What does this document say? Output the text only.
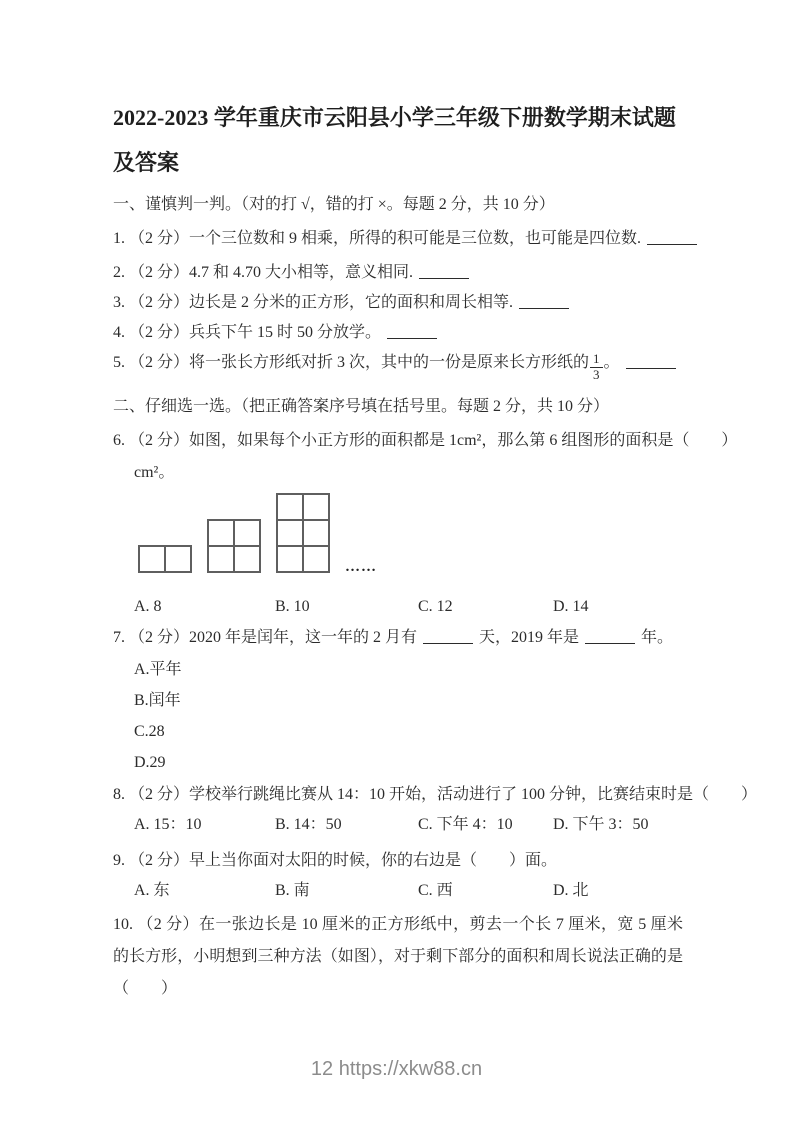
2022-2023 学年重庆市云阳县小学三年级下册数学期末试题
及答案
一、谨慎判一判。（对的打 √，错的打 ×。每题 2 分，共 10 分）
1. （2 分）一个三位数和 9 相乘，所得的积可能是三位数，也可能是四位数.
2. （2 分）4.7 和 4.70 大小相等，意义相同.
3. （2 分）边长是 2 分米的正方形，它的面积和周长相等.
4. （2 分）兵兵下午 15 时 50 分放学。
5. （2 分）将一张长方形纸对折 3 次，其中的一份是原来长方形纸的 $\frac{1}{3}$ 。
二、仔细选一选。（把正确答案序号填在括号里。每题 2 分，共 10 分）
6. （2 分）如图，如果每个小正方形的面积都是 1cm²，那么第 6 组图形的面积是（　　）
cm²。
……
A. 8	B. 10	C. 12	D. 14
7. （2 分）2020 年是闰年，这一年的 2 月有	天，2019 年是	年。
A.平年
B.闰年
C.28
D.29
8. （2 分）学校举行跳绳比赛从 14：10 开始，活动进行了 100 分钟，比赛结束时是（　　）
A. 15：10	B. 14：50	C. 下年 4：10	D. 下午 3：50
9. （2 分）早上当你面对太阳的时候，你的右边是（　　）面。
A. 东	B. 南	C. 西	D. 北
10. （2 分）在一张边长是 10 厘米的正方形纸中，剪去一个长 7 厘米，宽 5 厘米的长方形，小明想到三种方法（如图），对于剩下部分的面积和周长说法正确的是（　　）
12 https://xkw88.cn
